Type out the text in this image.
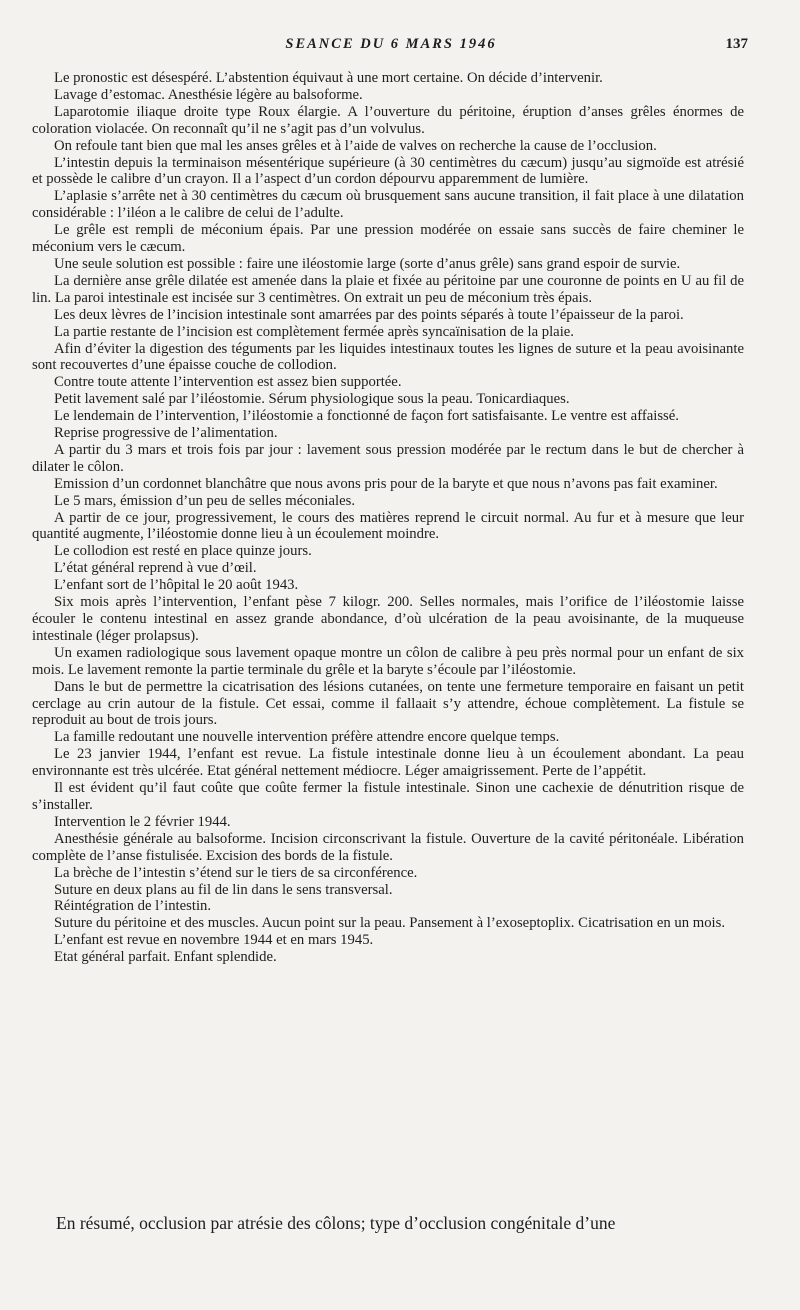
SEANCE DU 6 MARS 1946	137

Le pronostic est désespéré. L’abstention équivaut à une mort certaine. On décide d’intervenir.

Lavage d’estomac. Anesthésie légère au balsoforme.

Laparotomie iliaque droite type Roux élargie. A l’ouverture du péritoine, éruption d’anses grêles énormes de coloration violacée. On reconnaît qu’il ne s’agit pas d’un volvulus.

On refoule tant bien que mal les anses grêles et à l’aide de valves on recherche la cause de l’occlusion.

L’intestin depuis la terminaison mésentérique supérieure (à 30 centimètres du cæcum) jusqu’au sigmoïde est atrésié et possède le calibre d’un crayon. Il a l’aspect d’un cordon dépourvu apparemment de lumière.

L’aplasie s’arrête net à 30 centimètres du cæcum où brusquement sans aucune transition, il fait place à une dilatation considérable : l’iléon a le calibre de celui de l’adulte.

Le grêle est rempli de méconium épais. Par une pression modérée on essaie sans succès de faire cheminer le méconium vers le cæcum.

Une seule solution est possible : faire une iléostomie large (sorte d’anus grêle) sans grand espoir de survie.

La dernière anse grêle dilatée est amenée dans la plaie et fixée au péritoine par une couronne de points en U au fil de lin. La paroi intestinale est incisée sur 3 centimètres. On extrait un peu de méconium très épais.

Les deux lèvres de l’incision intestinale sont amarrées par des points séparés à toute l’épaisseur de la paroi.

La partie restante de l’incision est complètement fermée après syncaïnisation de la plaie.

Afin d’éviter la digestion des téguments par les liquides intestinaux toutes les lignes de suture et la peau avoisinante sont recouvertes d’une épaisse couche de collodion.

Contre toute attente l’intervention est assez bien supportée.

Petit lavement salé par l’iléostomie. Sérum physiologique sous la peau. Tonicardiaques.

Le lendemain de l’intervention, l’iléostomie a fonctionné de façon fort satisfaisante. Le ventre est affaissé.

Reprise progressive de l’alimentation.

A partir du 3 mars et trois fois par jour : lavement sous pression modérée par le rectum dans le but de chercher à dilater le côlon.

Emission d’un cordonnet blanchâtre que nous avons pris pour de la baryte et que nous n’avons pas fait examiner.

Le 5 mars, émission d’un peu de selles méconiales.

A partir de ce jour, progressivement, le cours des matières reprend le circuit normal. Au fur et à mesure que leur quantité augmente, l’iléostomie donne lieu à un écoulement moindre.

Le collodion est resté en place quinze jours.

L’état général reprend à vue d’œil.

L’enfant sort de l’hôpital le 20 août 1943.

Six mois après l’intervention, l’enfant pèse 7 kilogr. 200. Selles normales, mais l’orifice de l’iléostomie laisse écouler le contenu intestinal en assez grande abondance, d’où ulcération de la peau avoisinante, de la muqueuse intestinale (léger prolapsus).

Un examen radiologique sous lavement opaque montre un côlon de calibre à peu près normal pour un enfant de six mois. Le lavement remonte la partie terminale du grêle et la baryte s’écoule par l’iléostomie.

Dans le but de permettre la cicatrisation des lésions cutanées, on tente une fermeture temporaire en faisant un petit cerclage au crin autour de la fistule. Cet essai, comme il fallaait s’y attendre, échoue complètement. La fistule se reproduit au bout de trois jours.

La famille redoutant une nouvelle intervention préfère attendre encore quelque temps.

Le 23 janvier 1944, l’enfant est revue. La fistule intestinale donne lieu à un écoulement abondant. La peau environnante est très ulcérée. Etat général nettement médiocre. Léger amaigrissement. Perte de l’appétit.

Il est évident qu’il faut coûte que coûte fermer la fistule intestinale. Sinon une cachexie de dénutrition risque de s’installer.

Intervention le 2 février 1944.

Anesthésie générale au balsoforme. Incision circonscrivant la fistule. Ouverture de la cavité péritonéale. Libération complète de l’anse fistulisée. Excision des bords de la fistule.

La brèche de l’intestin s’étend sur le tiers de sa circonférence.

Suture en deux plans au fil de lin dans le sens transversal.

Réintégration de l’intestin.

Suture du péritoine et des muscles. Aucun point sur la peau. Pansement à l’exoseptoplix. Cicatrisation en un mois.

L’enfant est revue en novembre 1944 et en mars 1945.

Etat général parfait. Enfant splendide.

En résumé, occlusion par atrésie des côlons; type d’occlusion congénitale d’une
